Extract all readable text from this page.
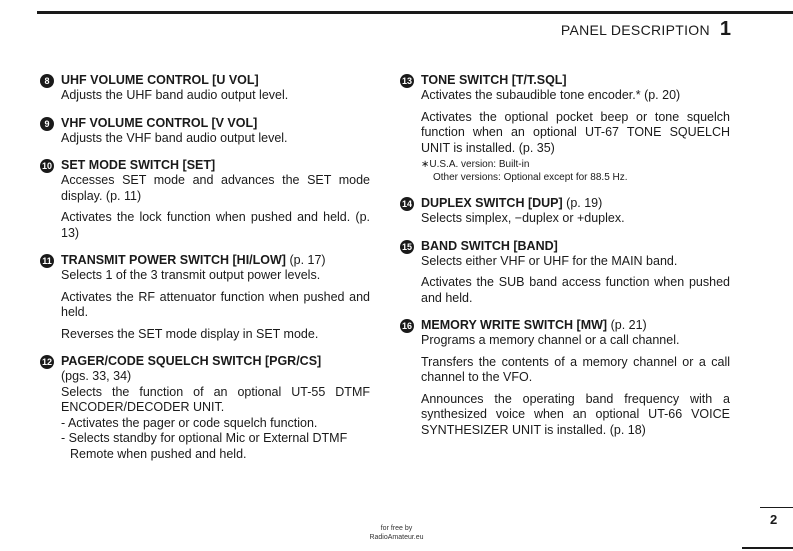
PANEL DESCRIPTION 1
8 UHF VOLUME CONTROL [U VOL]
Adjusts the UHF band audio output level.
9 VHF VOLUME CONTROL [V VOL]
Adjusts the VHF band audio output level.
10 SET MODE SWITCH [SET]
Accesses SET mode and advances the SET mode display. (p. 11)
Activates the lock function when pushed and held. (p. 13)
11 TRANSMIT POWER SWITCH [HI/LOW] (p. 17)
Selects 1 of the 3 transmit output power levels.
Activates the RF attenuator function when pushed and held.
Reverses the SET mode display in SET mode.
12 PAGER/CODE SQUELCH SWITCH [PGR/CS]
(pgs. 33, 34)
Selects the function of an optional UT-55 DTMF ENCODER/DECODER UNIT.
- Activates the pager or code squelch function.
- Selects standby for optional Mic or External DTMF Remote when pushed and held.
13 TONE SWITCH [T/T.SQL]
Activates the subaudible tone encoder.* (p. 20)
Activates the optional pocket beep or tone squelch function when an optional UT-67 TONE SQUELCH UNIT is installed. (p. 35)
∗U.S.A. version: Built-in
Other versions: Optional except for 88.5 Hz.
14 DUPLEX SWITCH [DUP] (p. 19)
Selects simplex, −duplex or +duplex.
15 BAND SWITCH [BAND]
Selects either VHF or UHF for the MAIN band.
Activates the SUB band access function when pushed and held.
16 MEMORY WRITE SWITCH [MW] (p. 21)
Programs a memory channel or a call channel.
Transfers the contents of a memory channel or a call channel to the VFO.
Announces the operating band frequency with a synthesized voice when an optional UT-66 VOICE SYNTHESIZER UNIT is installed. (p. 18)
for free by
RadioAmateur.eu
2
